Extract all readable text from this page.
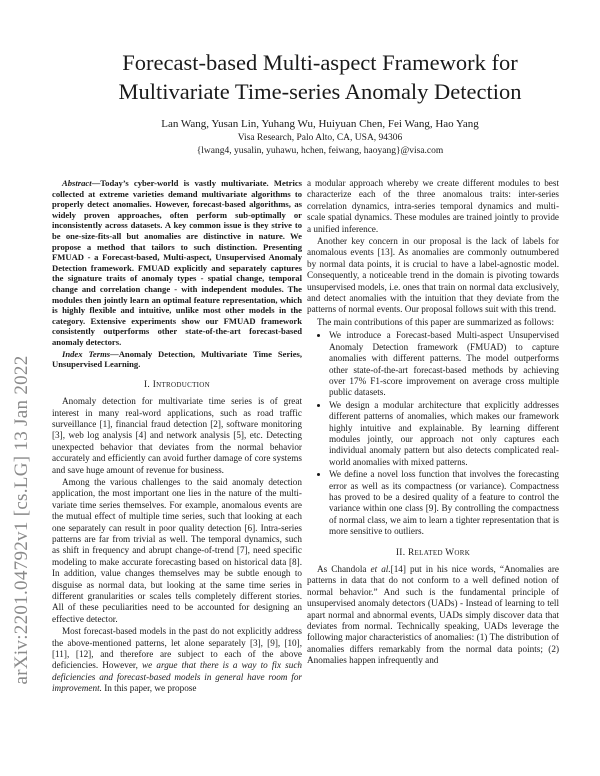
arXiv:2201.04792v1 [cs.LG] 13 Jan 2022
Forecast-based Multi-aspect Framework for
Multivariate Time-series Anomaly Detection
Lan Wang, Yusan Lin, Yuhang Wu, Huiyuan Chen, Fei Wang, Hao Yang
Visa Research, Palo Alto, CA, USA, 94306
{lwang4, yusalin, yuhawu, hchen, feiwang, haoyang}@visa.com

Abstract—Today’s cyber-world is vastly multivariate. Metrics collected at extreme varieties demand multivariate algorithms to properly detect anomalies. However, forecast-based algorithms, as widely proven approaches, often perform sub-optimally or inconsistently across datasets. A key common issue is they strive to be one-size-fits-all but anomalies are distinctive in nature. We propose a method that tailors to such distinction. Presenting FMUAD - a Forecast-based, Multi-aspect, Unsupervised Anomaly Detection framework. FMUAD explicitly and separately captures the signature traits of anomaly types - spatial change, temporal change and correlation change - with independent modules. The modules then jointly learn an optimal feature representation, which is highly flexible and intuitive, unlike most other models in the category. Extensive experiments show our FMUAD framework consistently outperforms other state-of-the-art forecast-based anomaly detectors.

Index Terms—Anomaly Detection, Multivariate Time Series, Unsupervised Learning.

I. Introduction

Anomaly detection for multivariate time series is of great interest in many real-word applications, such as road traffic surveillance [1], financial fraud detection [2], software monitoring [3], web log analysis [4] and network analysis [5], etc. Detecting unexpected behavior that deviates from the normal behavior accurately and efficiently can avoid further damage of core systems and save huge amount of revenue for business.

Among the various challenges to the said anomaly detection application, the most important one lies in the nature of the multi-variate time series themselves. For example, anomalous events are the mutual effect of multiple time series, such that looking at each one separately can result in poor quality detection [6]. Intra-series patterns are far from trivial as well. The temporal dynamics, such as shift in frequency and abrupt change-of-trend [7], need specific modeling to make accurate forecasting based on historical data [8]. In addition, value changes themselves may be subtle enough to disguise as normal data, but looking at the same time series in different granularities or scales tells completely different stories. All of these peculiarities need to be accounted for designing an effective detector.

Most forecast-based models in the past do not explicitly address the above-mentioned patterns, let alone separately [3], [9], [10], [11], [12], and therefore are subject to each of the above deficiencies. However, we argue that there is a way to fix such deficiencies and forecast-based models in general have room for improvement. In this paper, we propose

a modular approach whereby we create different modules to best characterize each of the three anomalous traits: inter-series correlation dynamics, intra-series temporal dynamics and multi-scale spatial dynamics. These modules are trained jointly to provide a unified inference.

Another key concern in our proposal is the lack of labels for anomalous events [13]. As anomalies are commonly outnumbered by normal data points, it is crucial to have a label-agnostic model. Consequently, a noticeable trend in the domain is pivoting towards unsupervised models, i.e. ones that train on normal data exclusively, and detect anomalies with the intuition that they deviate from the patterns of normal events. Our proposal follows suit with this trend.

The main contributions of this paper are summarized as follows:

• We introduce a Forecast-based Multi-aspect Unsupervised Anomaly Detection framework (FMUAD) to capture anomalies with different patterns. The model outperforms other state-of-the-art forecast-based methods by achieving over 17% F1-score improvement on average cross multiple public datasets.
• We design a modular architecture that explicitly addresses different patterns of anomalies, which makes our framework highly intuitive and explainable. By learning different modules jointly, our approach not only captures each individual anomaly pattern but also detects complicated real-world anomalies with mixed patterns.
• We define a novel loss function that involves the forecasting error as well as its compactness (or variance). Compactness has proved to be a desired quality of a feature to control the variance within one class [9]. By controlling the compactness of normal class, we aim to learn a tighter representation that is more sensitive to outliers.
II. Related Work

As Chandola et al.[14] put in his nice words, “Anomalies are patterns in data that do not conform to a well defined notion of normal behavior.” And such is the fundamental principle of unsupervised anomaly detectors (UADs) - Instead of learning to tell apart normal and abnormal events, UADs simply discover data that deviates from normal. Technically speaking, UADs leverage the following major characteristics of anomalies: (1) The distribution of anomalies differs remarkably from the normal data points; (2) Anomalies happen infrequently and
